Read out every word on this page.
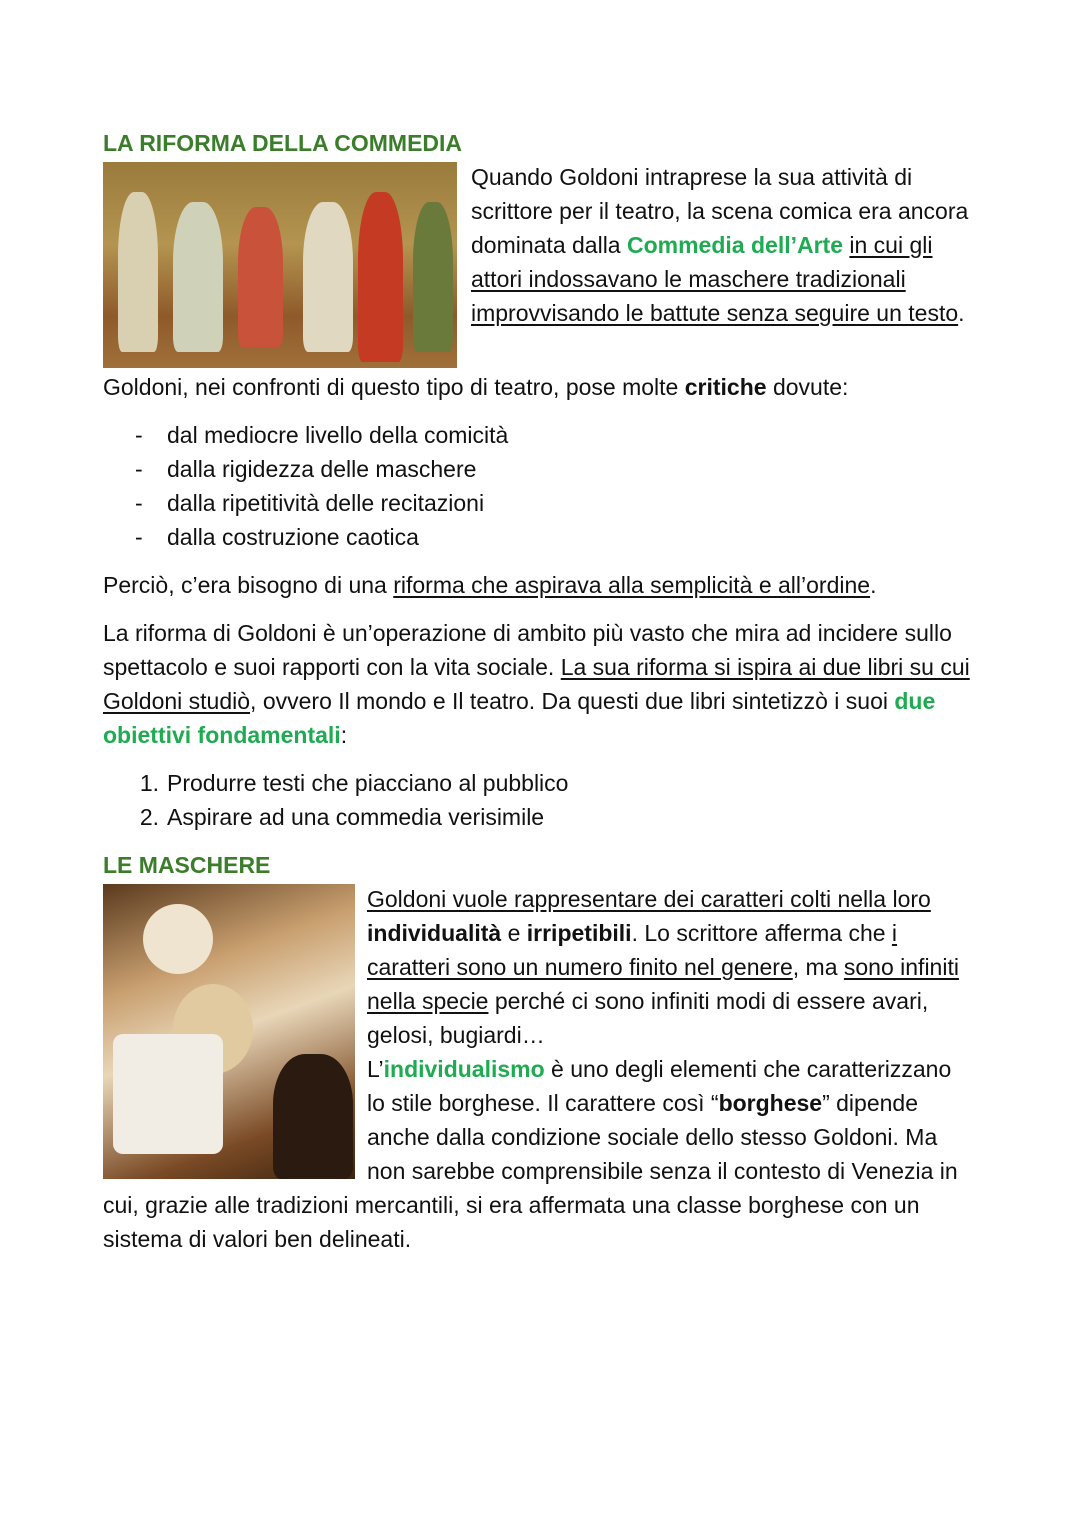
LA RIFORMA DELLA COMMEDIA

Quando Goldoni intraprese la sua attività di scrittore per il teatro, la scena comica era ancora dominata dalla Commedia dell’Arte in cui gli attori indossavano le maschere tradizionali improvvisando le battute senza seguire un testo.

Goldoni, nei confronti di questo tipo di teatro, pose molte critiche dovute:

-	dal mediocre livello della comicità
-	dalla rigidezza delle maschere
-	dalla ripetitività delle recitazioni
-	dalla costruzione caotica

Perciò, c’era bisogno di una riforma che aspirava alla semplicità e all’ordine.

La riforma di Goldoni è un’operazione di ambito più vasto che mira ad incidere sullo spettacolo e suoi rapporti con la vita sociale. La sua riforma si ispira ai due libri su cui Goldoni studiò, ovvero Il mondo e Il teatro. Da questi due libri sintetizzò i suoi due obiettivi fondamentali:

1. Produrre testi che piacciano al pubblico
2. Aspirare ad una commedia verisimile
LE MASCHERE

Goldoni vuole rappresentare dei caratteri colti nella loro individualità e irripetibili. Lo scrittore afferma che i caratteri sono un numero finito nel genere, ma sono infiniti nella specie perché ci sono infiniti modi di essere avari, gelosi, bugiardi…

L’individualismo è uno degli elementi che caratterizzano lo stile borghese. Il carattere così “borghese” dipende anche dalla condizione sociale dello stesso Goldoni. Ma non sarebbe comprensibile senza il contesto di Venezia in cui, grazie alle tradizioni mercantili, si era affermata una classe borghese con un sistema di valori ben delineati.
